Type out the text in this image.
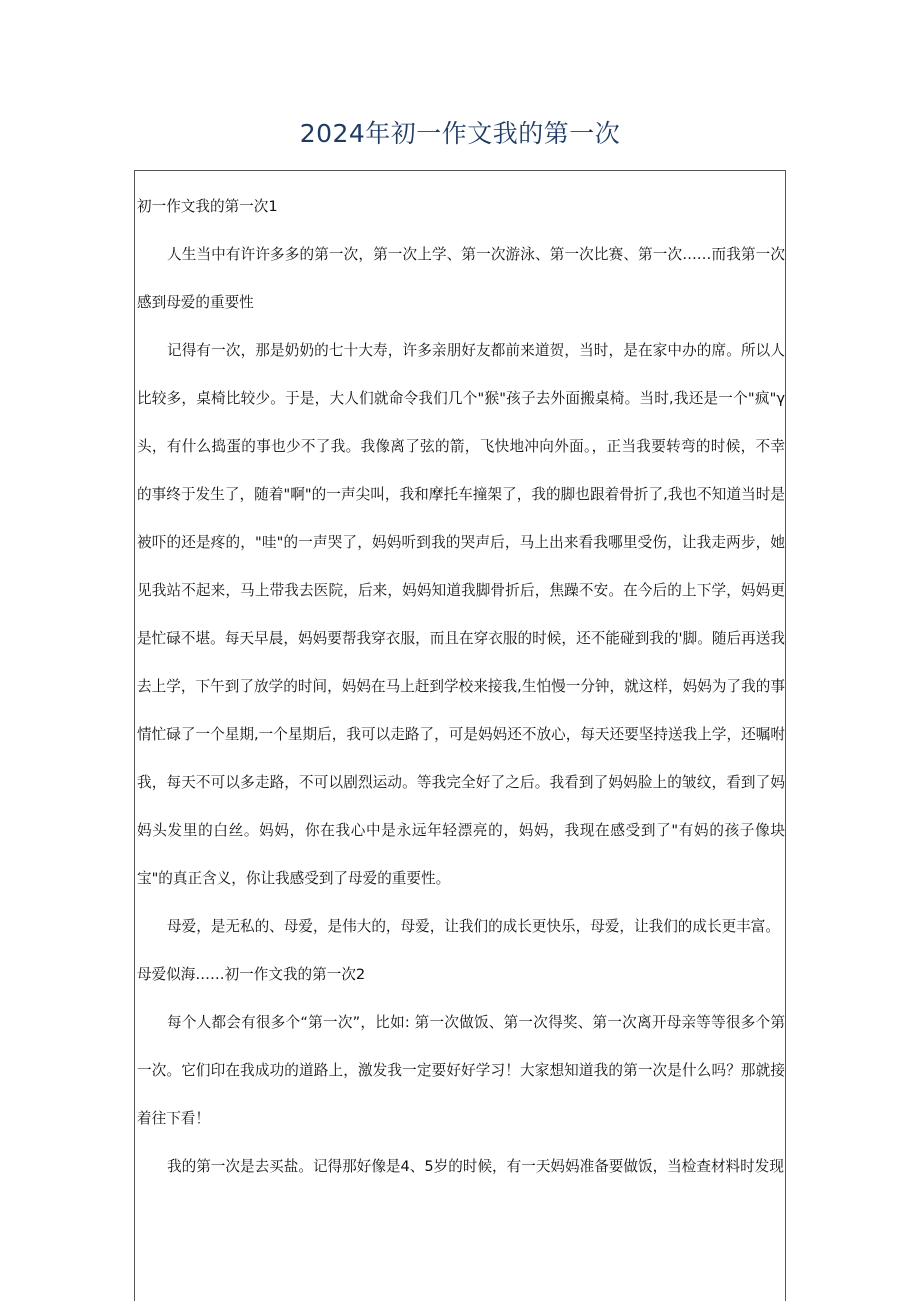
2024年初一作文我的第一次

初一作文我的第一次1

人生当中有许许多多的第一次，第一次上学、第一次游泳、第一次比赛、第一次……而我第一次感到母爱的重要性

记得有一次，那是奶奶的七十大寿，许多亲朋好友都前来道贺，当时，是在家中办的席。所以人比较多，桌椅比较少。于是，大人们就命令我们几个"猴"孩子去外面搬桌椅。当时,我还是一个"疯"γ头，有什么捣蛋的事也少不了我。我像离了弦的箭，飞快地冲向外面。，正当我要转弯的时候，不幸的事终于发生了，随着"啊"的一声尖叫，我和摩托车撞架了，我的脚也跟着骨折了,我也不知道当时是被吓的还是疼的，"哇"的一声哭了，妈妈听到我的哭声后，马上出来看我哪里受伤，让我走两步，她见我站不起来，马上带我去医院，后来，妈妈知道我脚骨折后，焦躁不安。在今后的上下学，妈妈更是忙碌不堪。每天早晨，妈妈要帮我穿衣服，而且在穿衣服的时候，还不能碰到我的'脚。随后再送我去上学，下午到了放学的时间，妈妈在马上赶到学校来接我,生怕慢一分钟，就这样，妈妈为了我的事情忙碌了一个星期,一个星期后，我可以走路了，可是妈妈还不放心，每天还要坚持送我上学，还嘱咐我，每天不可以多走路，不可以剧烈运动。等我完全好了之后。我看到了妈妈脸上的皱纹，看到了妈妈头发里的白丝。妈妈，你在我心中是永远年轻漂亮的，妈妈，我现在感受到了"有妈的孩子像块宝"的真正含义，你让我感受到了母爱的重要性。

母爱，是无私的、母爱，是伟大的，母爱，让我们的成长更快乐，母爱，让我们的成长更丰富。

母爱似海……初一作文我的第一次2

每个人都会有很多个“第一次”，比如: 第一次做饭、第一次得奖、第一次离开母亲等等很多个第一次。它们印在我成功的道路上，激发我一定要好好学习！大家想知道我的第一次是什么吗？那就接着往下看！

我的第一次是去买盐。记得那好像是4、5岁的时候，有一天妈妈准备要做饭，当检查材料时发现
